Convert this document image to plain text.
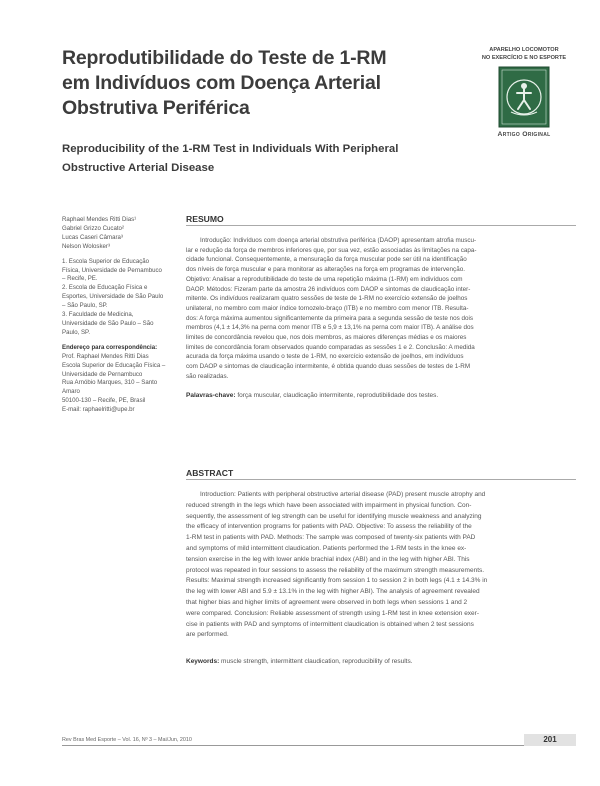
Reprodutibilidade do Teste de 1-RM
em Indivíduos com Doença Arterial
Obstrutiva Periférica
Reproducibility of the 1-RM Test in Individuals With Peripheral
Obstructive Arterial Disease
APARELHO LOCOMOTOR
NO EXERCÍCIO E NO ESPORTE
Artigo Original
Raphael Mendes Ritti Dias¹
Gabriel Grizzo Cucato²
Lucas Caseri Câmara³
Nelson Wolosker³
1. Escola Superior de Educação
Física, Universidade de Pernambuco
– Recife, PE.
2. Escola de Educação Física e
Esportes, Universidade de São Paulo
– São Paulo, SP.
3. Faculdade de Medicina,
Universidade de São Paulo – São
Paulo, SP.
Endereço para correspondência:
Prof. Raphael Mendes Ritti Dias
Escola Superior de Educação Física –
Universidade de Pernambuco
Rua Arnóbio Marques, 310 – Santo
Amaro
50100-130 – Recife, PE, Brasil
E-mail: raphaelritti@upe.br
RESUMO
Introdução: Indivíduos com doença arterial obstrutiva periférica (DAOP) apresentam atrofia muscu-
lar e redução da força de membros inferiores que, por sua vez, estão associadas às limitações na capa-
cidade funcional. Consequentemente, a mensuração da força muscular pode ser útil na identificação
dos níveis de força muscular e para monitorar as alterações na força em programas de intervenção.
Objetivo: Analisar a reprodutibilidade do teste de uma repetição máxima (1-RM) em indivíduos com
DAOP. Métodos: Fizeram parte da amostra 26 indivíduos com DAOP e sintomas de claudicação inter-
mitente. Os indivíduos realizaram quatro sessões de teste de 1-RM no exercício extensão de joelhos
unilateral, no membro com maior índice tornozelo-braço (ITB) e no membro com menor ITB. Resulta-
dos: A força máxima aumentou significantemente da primeira para a segunda sessão de teste nos dois
membros (4,1 ± 14,3% na perna com menor ITB e 5,9 ± 13,1% na perna com maior ITB). A análise dos
limites de concordância revelou que, nos dois membros, as maiores diferenças médias e os maiores
limites de concordância foram observados quando comparadas as sessões 1 e 2. Conclusão: A medida
acurada da força máxima usando o teste de 1-RM, no exercício extensão de joelhos, em indivíduos
com DAOP e sintomas de claudicação intermitente, é obtida quando duas sessões de testes de 1-RM
são realizadas.
Palavras-chave: força muscular, claudicação intermitente, reprodutibilidade dos testes.
ABSTRACT
Introduction: Patients with peripheral obstructive arterial disease (PAD) present muscle atrophy and
reduced strength in the legs which have been associated with impairment in physical function. Con-
sequently, the assessment of leg strength can be useful for identifying muscle weakness and analyzing
the efficacy of intervention programs for patients with PAD. Objective: To assess the reliability of the
1-RM test in patients with PAD. Methods: The sample was composed of twenty-six patients with PAD
and symptoms of mild intermittent claudication. Patients performed the 1-RM tests in the knee ex-
tension exercise in the leg with lower ankle brachial index (ABI) and in the leg with higher ABI. This
protocol was repeated in four sessions to assess the reliability of the maximum strength measurements.
Results: Maximal strength increased significantly from session 1 to session 2 in both legs (4.1 ± 14.3% in
the leg with lower ABI and 5.9 ± 13.1% in the leg with higher ABI). The analysis of agreement revealed
that higher bias and higher limits of agreement were observed in both legs when sessions 1 and 2
were compared. Conclusion: Reliable assessment of strength using 1-RM test in knee extension exer-
cise in patients with PAD and symptoms of intermittent claudication is obtained when 2 test sessions
are performed.
Keywords: muscle strength, intermittent claudication, reproducibility of results.
Rev Bras Med Esporte – Vol. 16, Nº 3 – Mai/Jun, 2010	201
